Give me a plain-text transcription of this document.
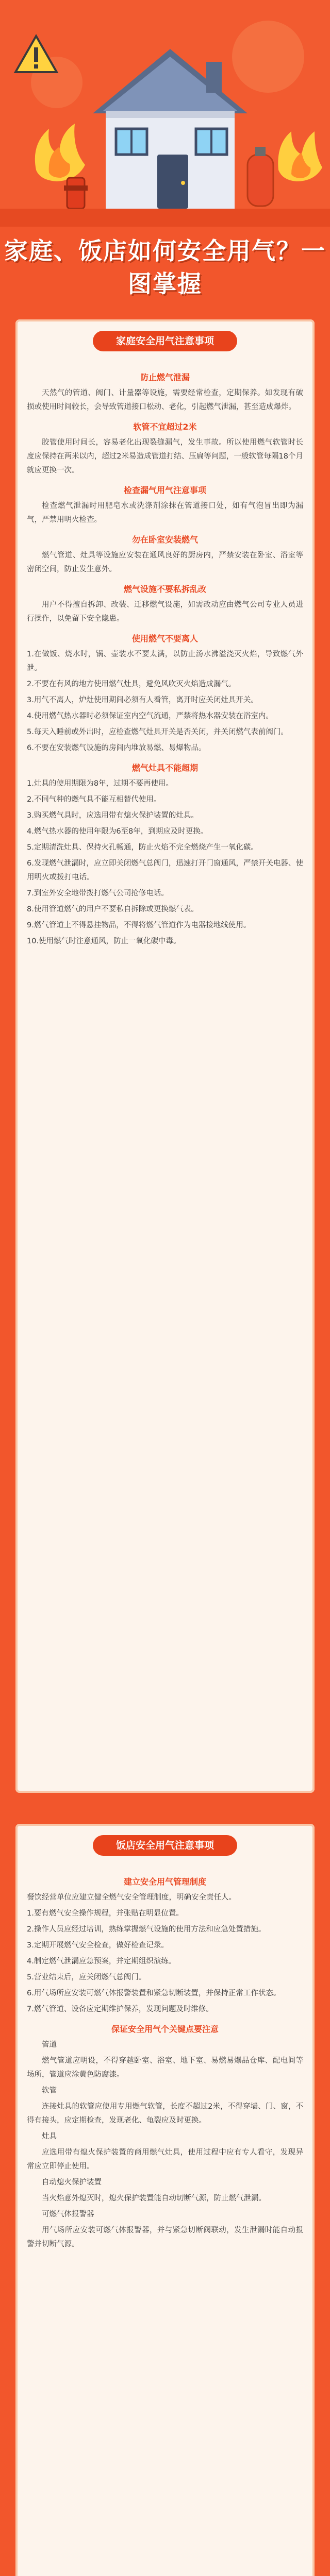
家庭、饭店如何安全用气？一图掌握
家庭安全用气注意事项

防止燃气泄漏

天然气的管道、阀门、计量器等设施，需要经常检查，定期保养。如发现有破损或使用时间较长，会导致管道接口松动、老化，引起燃气泄漏，甚至造成爆炸。

软管不宜超过2米

胶管使用时间长，容易老化出现裂缝漏气，发生事故。所以使用燃气软管时长度应保持在两米以内，超过2米易造成管道打结、压扁等问题，一般软管每隔18个月就应更换一次。

检查漏气用气注意事项

检查燃气泄漏时用肥皂水或洗涤剂涂抹在管道接口处，如有气泡冒出即为漏气，严禁用明火检查。

勿在卧室安装燃气

燃气管道、灶具等设施应安装在通风良好的厨房内，严禁安装在卧室、浴室等密闭空间，防止发生意外。

燃气设施不要私拆乱改

用户不得擅自拆卸、改装、迁移燃气设施，如需改动应由燃气公司专业人员进行操作，以免留下安全隐患。

使用燃气不要离人

1.在做饭、烧水时，锅、壶装水不要太满，以防止汤水沸溢浇灭火焰，导致燃气外泄。

2.不要在有风的地方使用燃气灶具，避免风吹灭火焰造成漏气。

3.用气不离人，炉灶使用期间必须有人看管，离开时应关闭灶具开关。

4.使用燃气热水器时必须保证室内空气流通，严禁将热水器安装在浴室内。

5.每天入睡前或外出时，应检查燃气灶具开关是否关闭，并关闭燃气表前阀门。

6.不要在安装燃气设施的房间内堆放易燃、易爆物品。

燃气灶具不能超期

1.灶具的使用期限为8年，过期不要再使用。

2.不同气种的燃气具不能互相替代使用。

3.购买燃气具时，应选用带有熄火保护装置的灶具。

4.燃气热水器的使用年限为6至8年，到期应及时更换。

5.定期清洗灶具、保持火孔畅通，防止火焰不完全燃烧产生一氧化碳。

6.发现燃气泄漏时，应立即关闭燃气总阀门，迅速打开门窗通风，严禁开关电器、使用明火或拨打电话。

7.到室外安全地带拨打燃气公司抢修电话。

8.使用管道燃气的用户不要私自拆除或更换燃气表。

9.燃气管道上不得悬挂物品，不得将燃气管道作为电器接地线使用。

10.使用燃气时注意通风，防止一氧化碳中毒。

饭店安全用气注意事项

建立安全用气管理制度

餐饮经营单位应建立健全燃气安全管理制度，明确安全责任人。

1.要有燃气安全操作规程，并张贴在明显位置。

2.操作人员应经过培训，熟练掌握燃气设施的使用方法和应急处置措施。

3.定期开展燃气安全检查，做好检查记录。

4.制定燃气泄漏应急预案，并定期组织演练。

5.营业结束后，应关闭燃气总阀门。

6.用气场所应安装可燃气体报警装置和紧急切断装置，并保持正常工作状态。

7.燃气管道、设备应定期维护保养，发现问题及时维修。

保证安全用气个关键点要注意

管道

燃气管道应明设，不得穿越卧室、浴室、地下室、易燃易爆品仓库、配电间等场所，管道应涂黄色防腐漆。

软管

连接灶具的软管应使用专用燃气软管，长度不超过2米，不得穿墙、门、窗，不得有接头，应定期检查，发现老化、龟裂应及时更换。

灶具

应选用带有熄火保护装置的商用燃气灶具，使用过程中应有专人看守，发现异常应立即停止使用。

自动熄火保护装置

当火焰意外熄灭时，熄火保护装置能自动切断气源，防止燃气泄漏。

可燃气体报警器

用气场所应安装可燃气体报警器，并与紧急切断阀联动，发生泄漏时能自动报警并切断气源。
